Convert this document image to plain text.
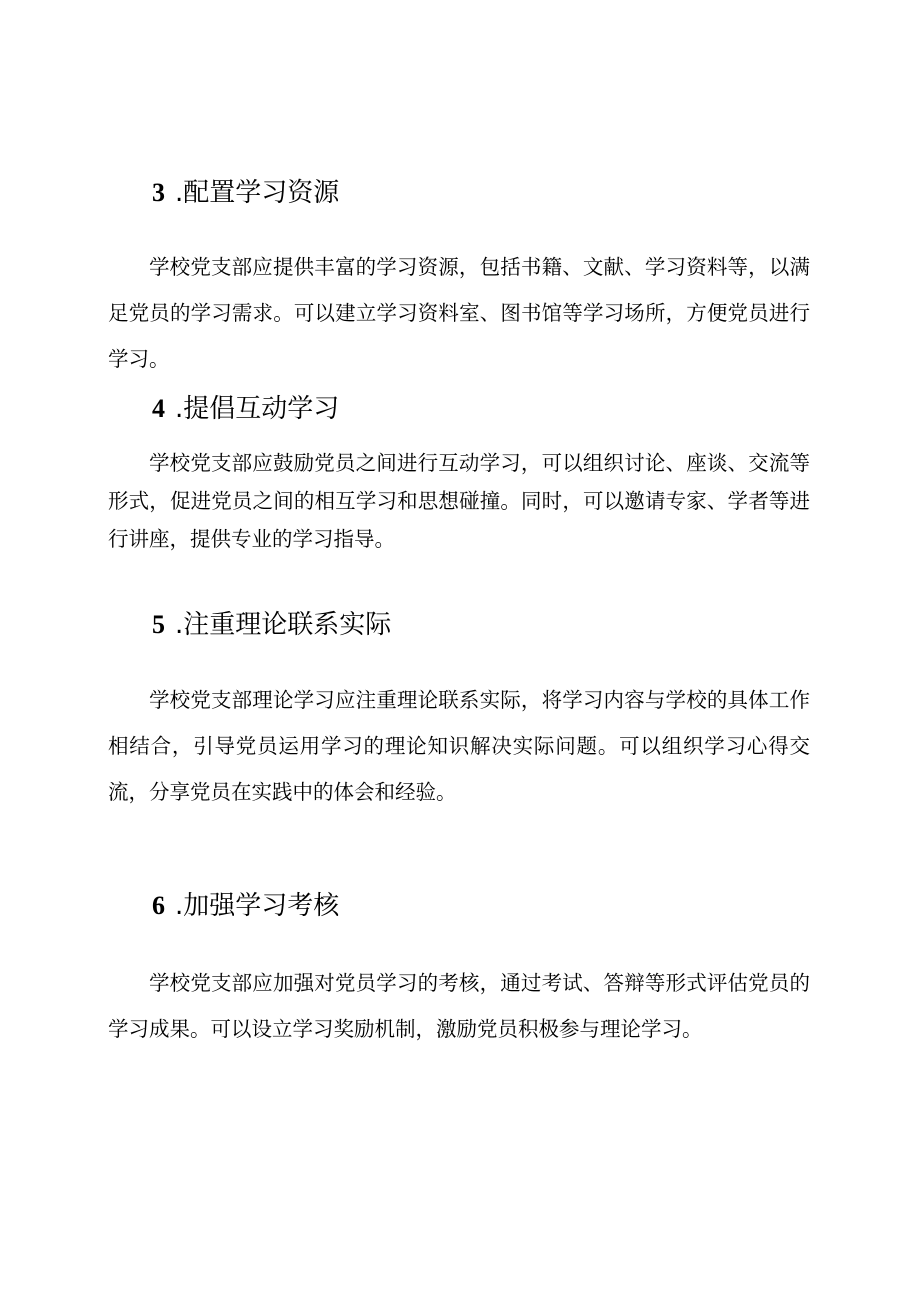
3 .配置学习资源

学校党支部应提供丰富的学习资源，包括书籍、文献、学习资料等，以满足党员的学习需求。可以建立学习资料室、图书馆等学习场所，方便党员进行学习。

4 .提倡互动学习

学校党支部应鼓励党员之间进行互动学习，可以组织讨论、座谈、交流等形式，促进党员之间的相互学习和思想碰撞。同时，可以邀请专家、学者等进行讲座，提供专业的学习指导。

5 .注重理论联系实际

学校党支部理论学习应注重理论联系实际，将学习内容与学校的具体工作相结合，引导党员运用学习的理论知识解决实际问题。可以组织学习心得交流，分享党员在实践中的体会和经验。

6 .加强学习考核

学校党支部应加强对党员学习的考核，通过考试、答辩等形式评估党员的学习成果。可以设立学习奖励机制，激励党员积极参与理论学习。
